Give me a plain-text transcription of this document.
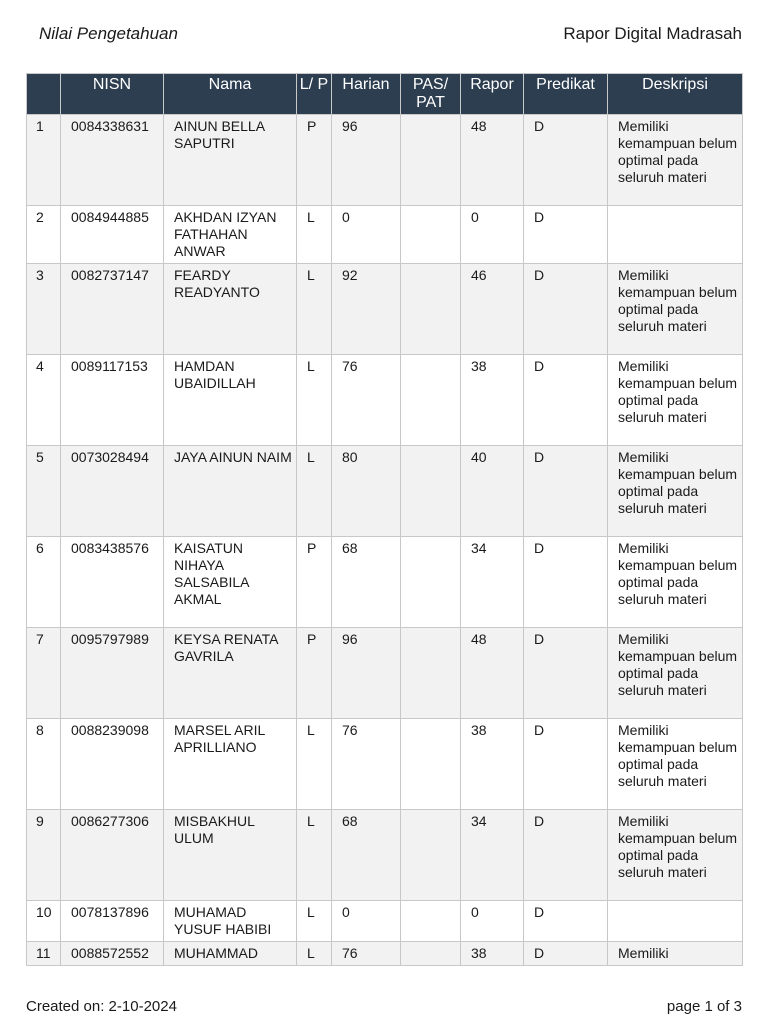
Nilai Pengetahuan	Rapor Digital Madrasah
	NISN	Nama	L/ P	Harian	PAS/ PAT	Rapor	Predikat	Deskripsi
1	0084338631	AINUN BELLA SAPUTRI	P	96		48	D	Memiliki kemampuan belum optimal pada seluruh materi
2	0084944885	AKHDAN IZYAN FATHAHAN ANWAR	L	0		0	D	
3	0082737147	FEARDY READYANTO	L	92		46	D	Memiliki kemampuan belum optimal pada seluruh materi
4	0089117153	HAMDAN UBAIDILLAH	L	76		38	D	Memiliki kemampuan belum optimal pada seluruh materi
5	0073028494	JAYA AINUN NAIM	L	80		40	D	Memiliki kemampuan belum optimal pada seluruh materi
6	0083438576	KAISATUN NIHAYA SALSABILA AKMAL	P	68		34	D	Memiliki kemampuan belum optimal pada seluruh materi
7	0095797989	KEYSA RENATA GAVRILA	P	96		48	D	Memiliki kemampuan belum optimal pada seluruh materi
8	0088239098	MARSEL ARIL APRILLIANO	L	76		38	D	Memiliki kemampuan belum optimal pada seluruh materi
9	0086277306	MISBAKHUL ULUM	L	68		34	D	Memiliki kemampuan belum optimal pada seluruh materi
10	0078137896	MUHAMAD YUSUF HABIBI	L	0		0	D	
11	0088572552	MUHAMMAD	L	76		38	D	Memiliki
Created on: 2-10-2024	page 1 of 3
